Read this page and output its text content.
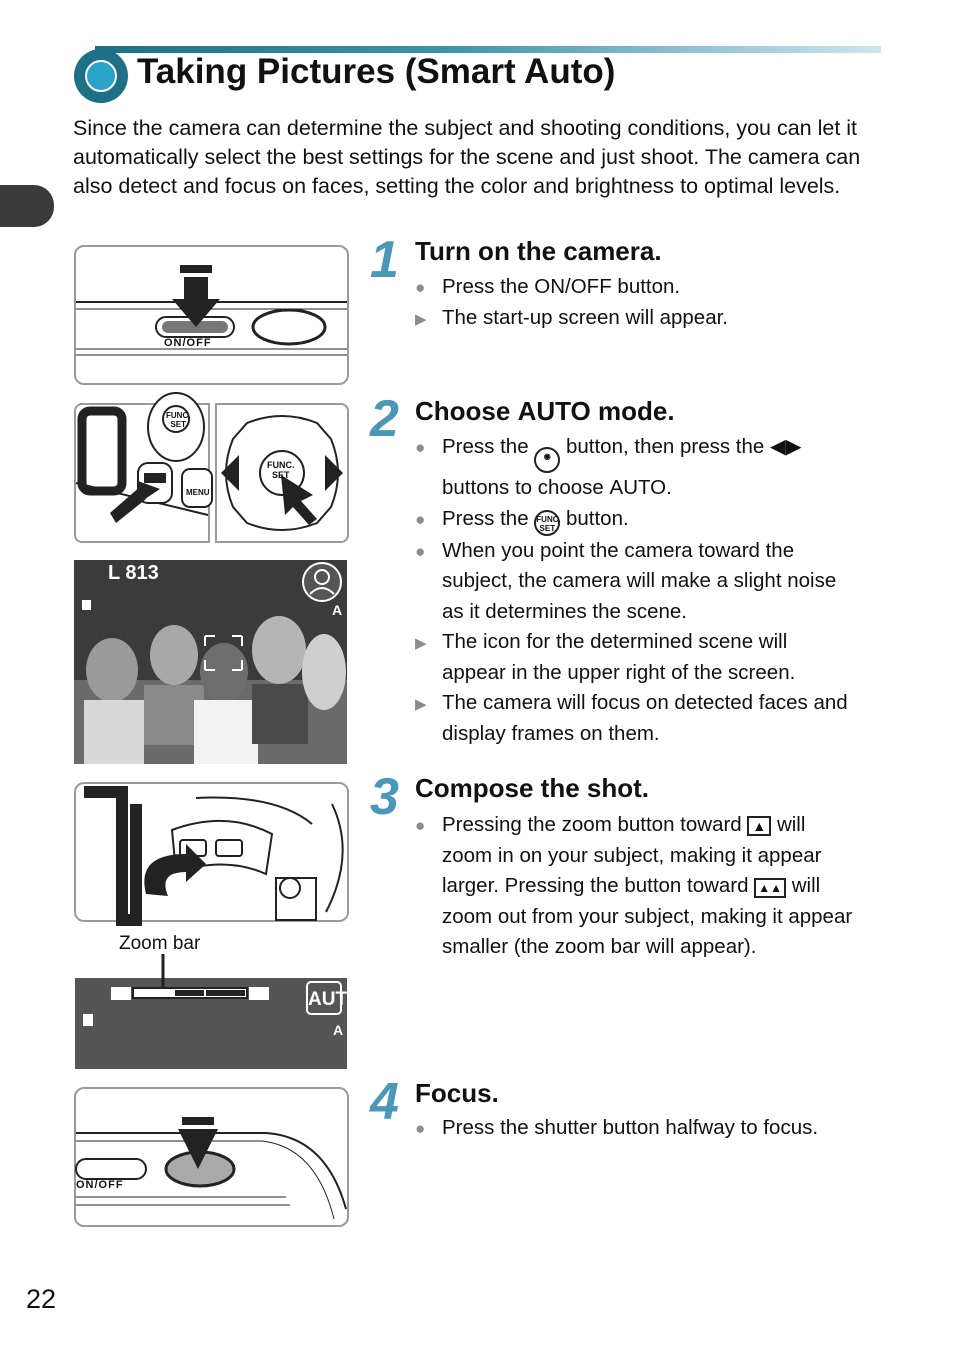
Taking Pictures (Smart Auto)

Since the camera can determine the subject and shooting conditions, you can let it automatically select the best settings for the scene and just shoot. The camera can also detect and focus on faces, setting the color and brightness to optimal levels.

ON/OFF
FUNC.
SET
MENU
FUNC.
SET
L 813
A
Zoom bar
AUTO
A
ON/OFF
1 Turn on the camera.
●
Press the ON/OFF button.
▶
The start-up screen will appear.
2 Choose AUTO mode.
●
Press the ◉ button, then press the ◀▶ buttons to choose AUTO.
●
Press the FUNC.
SET button.
●
When you point the camera toward the subject, the camera will make a slight noise as it determines the scene.
▶
The icon for the determined scene will appear in the upper right of the screen.
▶
The camera will focus on detected faces and display frames on them.
3 Compose the shot.
●
Pressing the zoom button toward ▲ will zoom in on your subject, making it appear larger. Pressing the button toward ▲▲ will zoom out from your subject, making it appear smaller (the zoom bar will appear).
4 Focus.
●
Press the shutter button halfway to focus.
22
